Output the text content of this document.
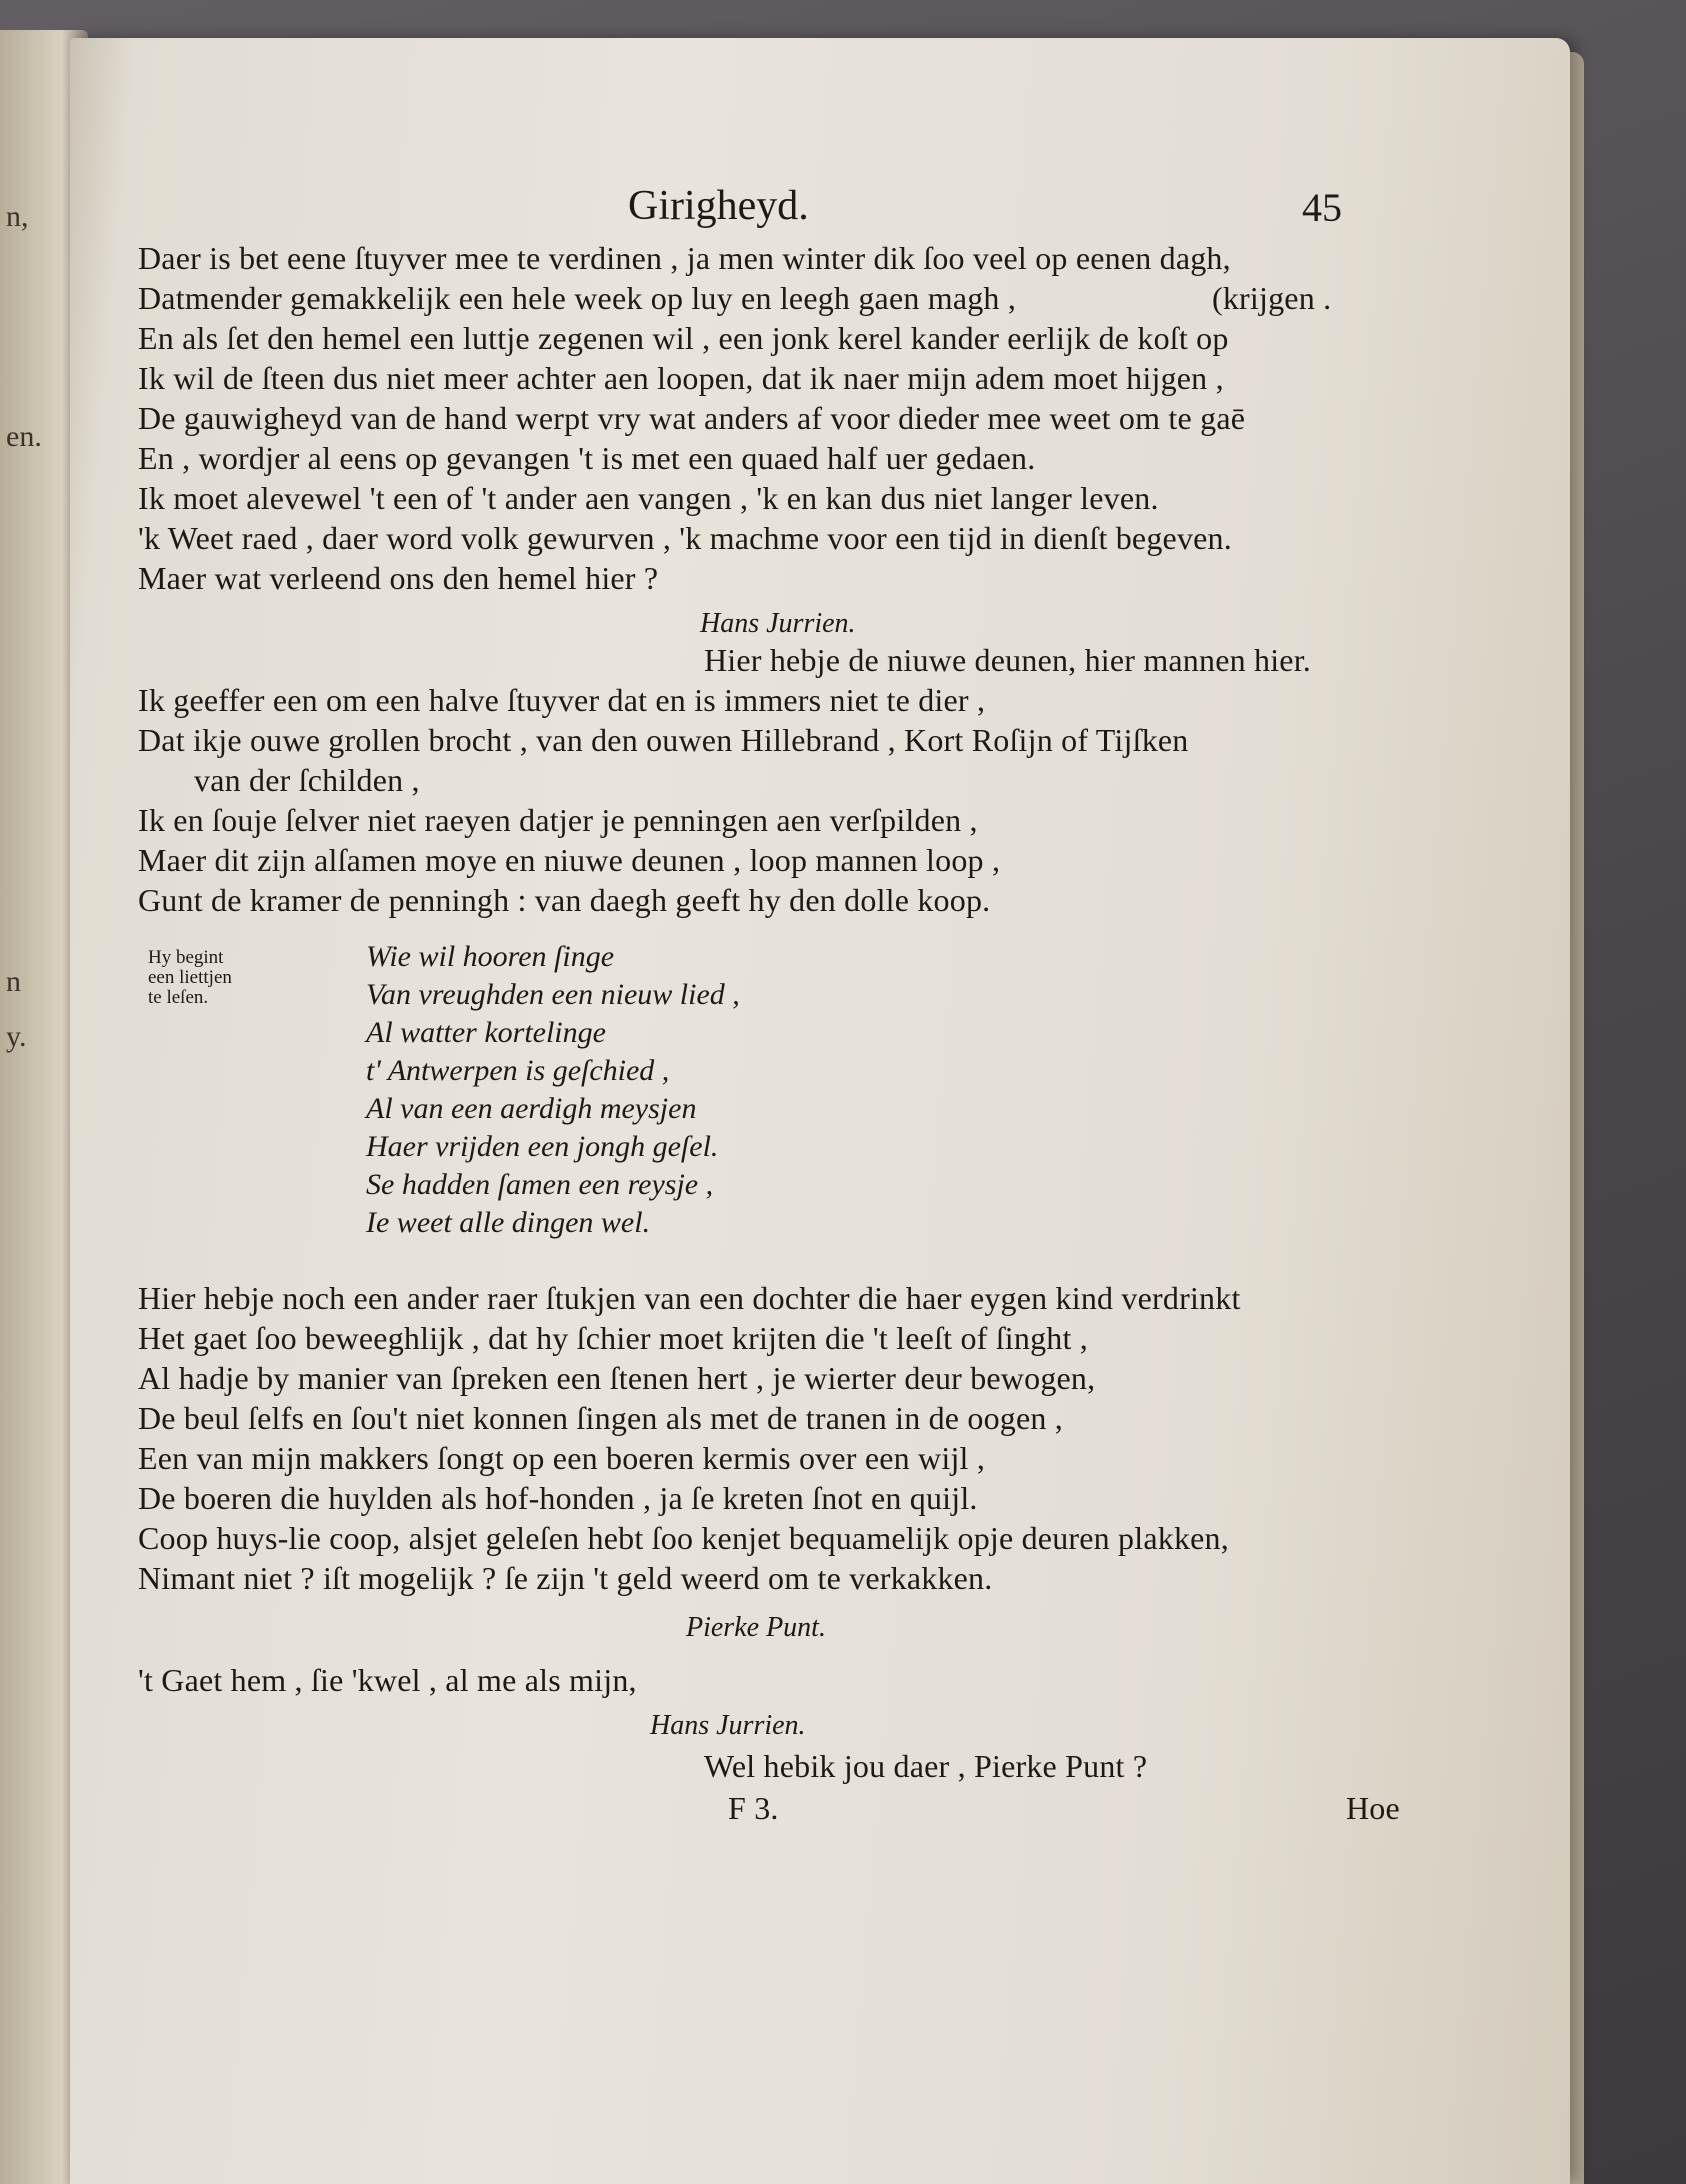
n,
en.
n
y.
Girigheyd.	45
Daer is bet eene ſtuyver mee te verdinen , ja men winter dik ſoo veel op eenen dagh,
Datmender gemakkelijk een hele week op luy en leegh gaen magh ,	(krijgen .
En als ſet den hemel een luttje zegenen wil , een jonk kerel kander eerlijk de koſt op
Ik wil de ſteen dus niet meer achter aen loopen, dat ik naer mijn adem moet hijgen ,
De gauwigheyd van de hand werpt vry wat anders af voor dieder mee weet om te gaē
En , wordjer al eens op gevangen 't is met een quaed half uer gedaen.
Ik moet alevewel 't een of 't ander aen vangen , 'k en kan dus niet langer leven.
'k Weet raed , daer word volk gewurven , 'k machme voor een tijd in dienſt begeven.
Maer wat verleend ons den hemel hier ?
Hans Jurrien.
Hier hebje de niuwe deunen, hier mannen hier.
Ik geeffer een om een halve ſtuyver dat en is immers niet te dier ,
Dat ikje ouwe grollen brocht , van den ouwen Hillebrand , Kort Roſijn of Tijſken
van der ſchilden ,
Ik en ſouje ſelver niet raeyen datjer je penningen aen verſpilden ,
Maer dit zijn alſamen moye en niuwe deunen , loop mannen loop ,
Gunt de kramer de penningh : van daegh geeft hy den dolle koop.
Hy begint
een liettjen
te leſen.
Wie wil hooren ſinge
Van vreughden een nieuw lied ,
Al watter kortelinge
t' Antwerpen is geſchied ,
Al van een aerdigh meysjen
Haer vrijden een jongh geſel.
Se hadden ſamen een reysje ,
Ie weet alle dingen wel.
Hier hebje noch een ander raer ſtukjen van een dochter die haer eygen kind verdrinkt
Het gaet ſoo beweeghlijk , dat hy ſchier moet krijten die 't leeſt of ſinght ,
Al hadje by manier van ſpreken een ſtenen hert , je wierter deur bewogen,
De beul ſelfs en ſou't niet konnen ſingen als met de tranen in de oogen ,
Een van mijn makkers ſongt op een boeren kermis over een wijl ,
De boeren die huylden als hof-honden , ja ſe kreten ſnot en quijl.
Coop huys-lie coop, alsjet geleſen hebt ſoo kenjet bequamelijk opje deuren plakken,
Nimant niet ? iſt mogelijk ? ſe zijn 't geld weerd om te verkakken.
Pierke Punt.
't Gaet hem , ſie 'kwel , al me als mijn,
Hans Jurrien.
Wel hebik jou daer , Pierke Punt ?
F 3.	Hoe
